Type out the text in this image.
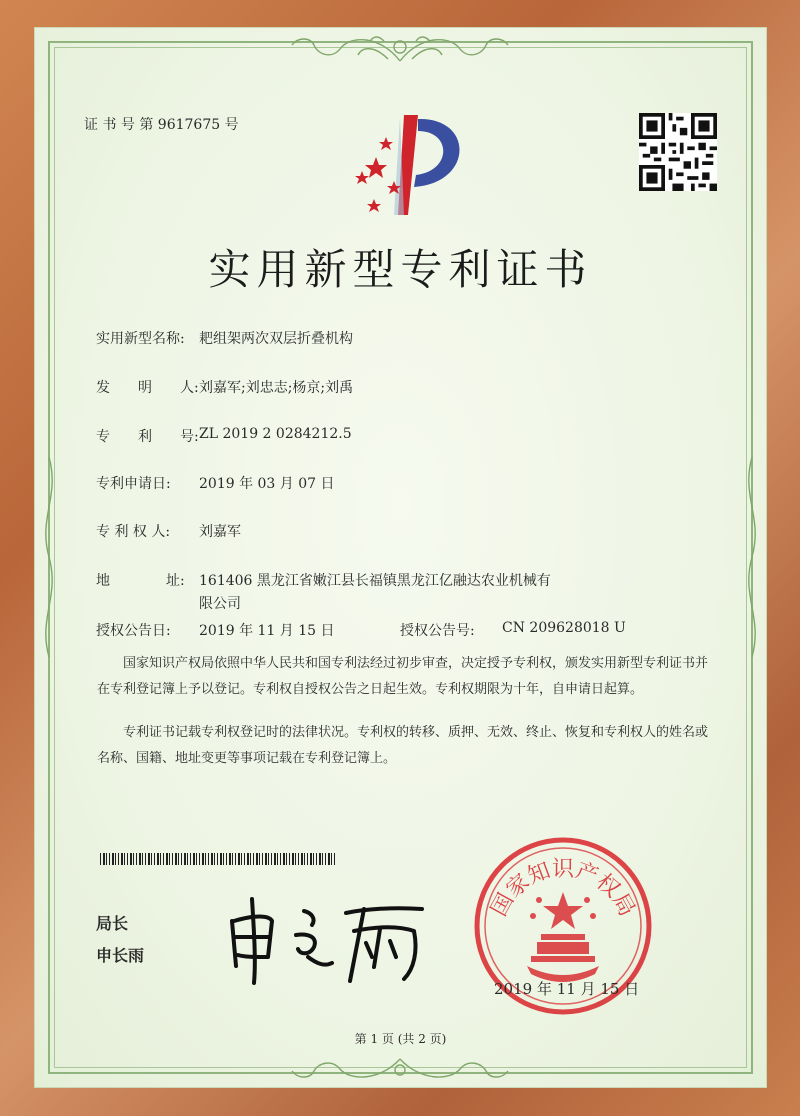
证 书 号 第 9617675 号
实用新型专利证书
实用新型名称: 耙组架两次双层折叠机构
发　　明　　人: 刘嘉军;刘忠志;杨京;刘禹
专　　利　　号: ZL 2019 2 0284212.5
专利申请日: 2019 年 03 月 07 日
专 利 权 人: 刘嘉军
地　　　　址: 161406 黑龙江省嫩江县长福镇黑龙江亿融达农业机械有
限公司
授权公告日: 2019 年 11 月 15 日	授权公告号: CN 209628018 U
国家知识产权局依照中华人民共和国专利法经过初步审查，决定授予专利权，颁发实用新型专利证书并在专利登记簿上予以登记。专利权自授权公告之日起生效。专利权期限为十年，自申请日起算。
专利证书记载专利权登记时的法律状况。专利权的转移、质押、无效、终止、恢复和专利权人的姓名或名称、国籍、地址变更等事项记载在专利登记簿上。
局长
申长雨
国家知识产权局
2019 年 11 月 15 日
第 1 页 (共 2 页)
